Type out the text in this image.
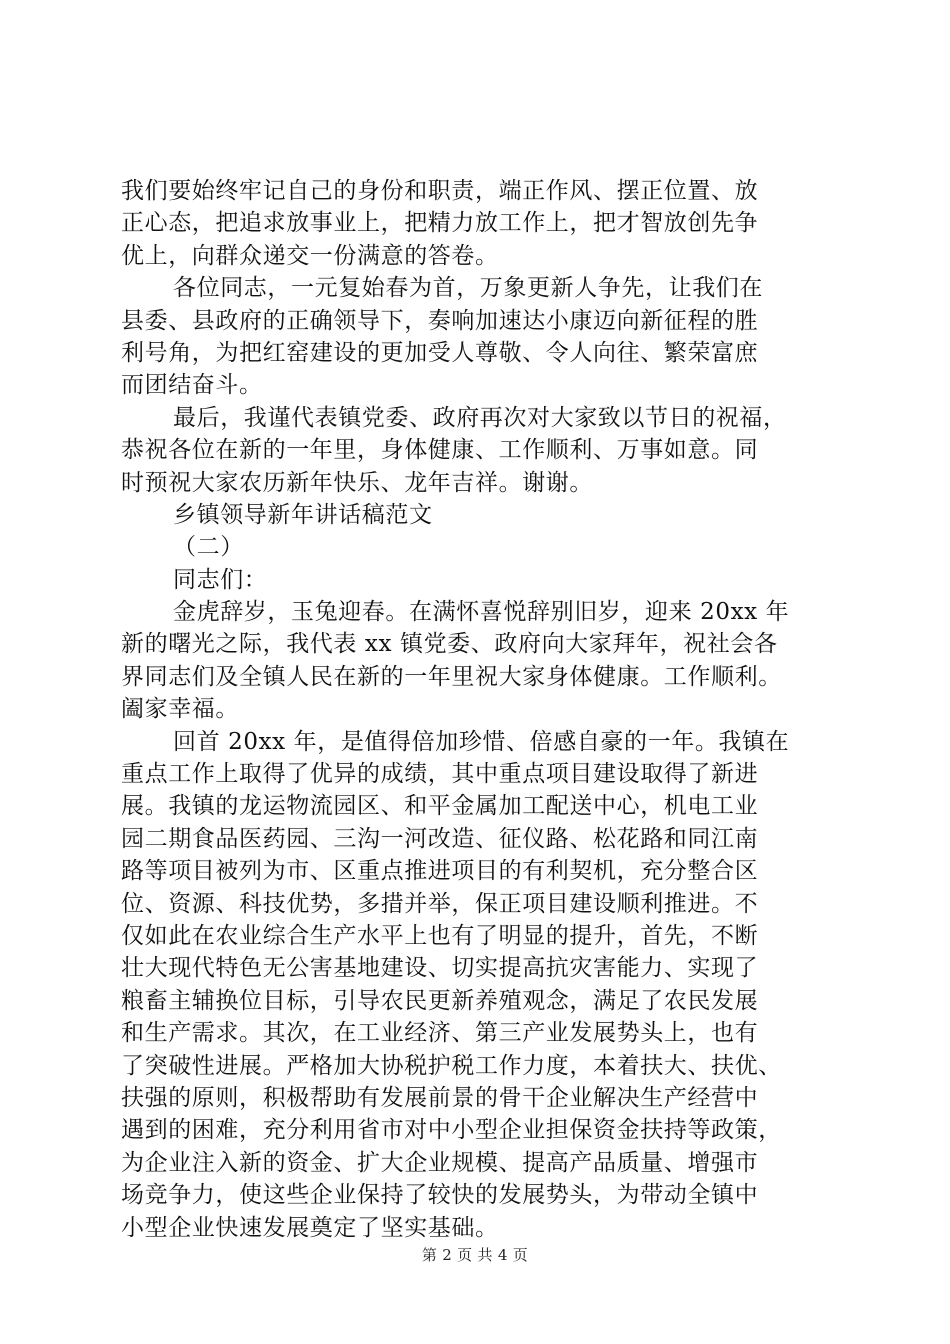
我们要始终牢记自己的身份和职责，端正作风、摆正位置、放
正心态，把追求放事业上，把精力放工作上，把才智放创先争
优上，向群众递交一份满意的答卷。
各位同志，一元复始春为首，万象更新人争先，让我们在
县委、县政府的正确领导下，奏响加速达小康迈向新征程的胜
利号角，为把红窑建设的更加受人尊敬、令人向往、繁荣富庶
而团结奋斗。
最后，我谨代表镇党委、政府再次对大家致以节日的祝福，
恭祝各位在新的一年里，身体健康、工作顺利、万事如意。同
时预祝大家农历新年快乐、龙年吉祥。谢谢。
乡镇领导新年讲话稿范文
（二）
同志们：
金虎辞岁，玉兔迎春。在满怀喜悦辞别旧岁，迎来 20xx 年
新的曙光之际，我代表 xx 镇党委、政府向大家拜年，祝社会各
界同志们及全镇人民在新的一年里祝大家身体健康。工作顺利。
阖家幸福。
回首 20xx 年，是值得倍加珍惜、倍感自豪的一年。我镇在
重点工作上取得了优异的成绩，其中重点项目建设取得了新进
展。我镇的龙运物流园区、和平金属加工配送中心，机电工业
园二期食品医药园、三沟一河改造、征仪路、松花路和同江南
路等项目被列为市、区重点推进项目的有利契机，充分整合区
位、资源、科技优势，多措并举，保正项目建设顺利推进。不
仅如此在农业综合生产水平上也有了明显的提升，首先，不断
壮大现代特色无公害基地建设、切实提高抗灾害能力、实现了
粮畜主辅换位目标，引导农民更新养殖观念，满足了农民发展
和生产需求。其次，在工业经济、第三产业发展势头上，也有
了突破性进展。严格加大协税护税工作力度，本着扶大、扶优、
扶强的原则，积极帮助有发展前景的骨干企业解决生产经营中
遇到的困难，充分利用省市对中小型企业担保资金扶持等政策，
为企业注入新的资金、扩大企业规模、提高产品质量、增强市
场竞争力，使这些企业保持了较快的发展势头，为带动全镇中
小型企业快速发展奠定了坚实基础。
第 2 页 共 4 页
